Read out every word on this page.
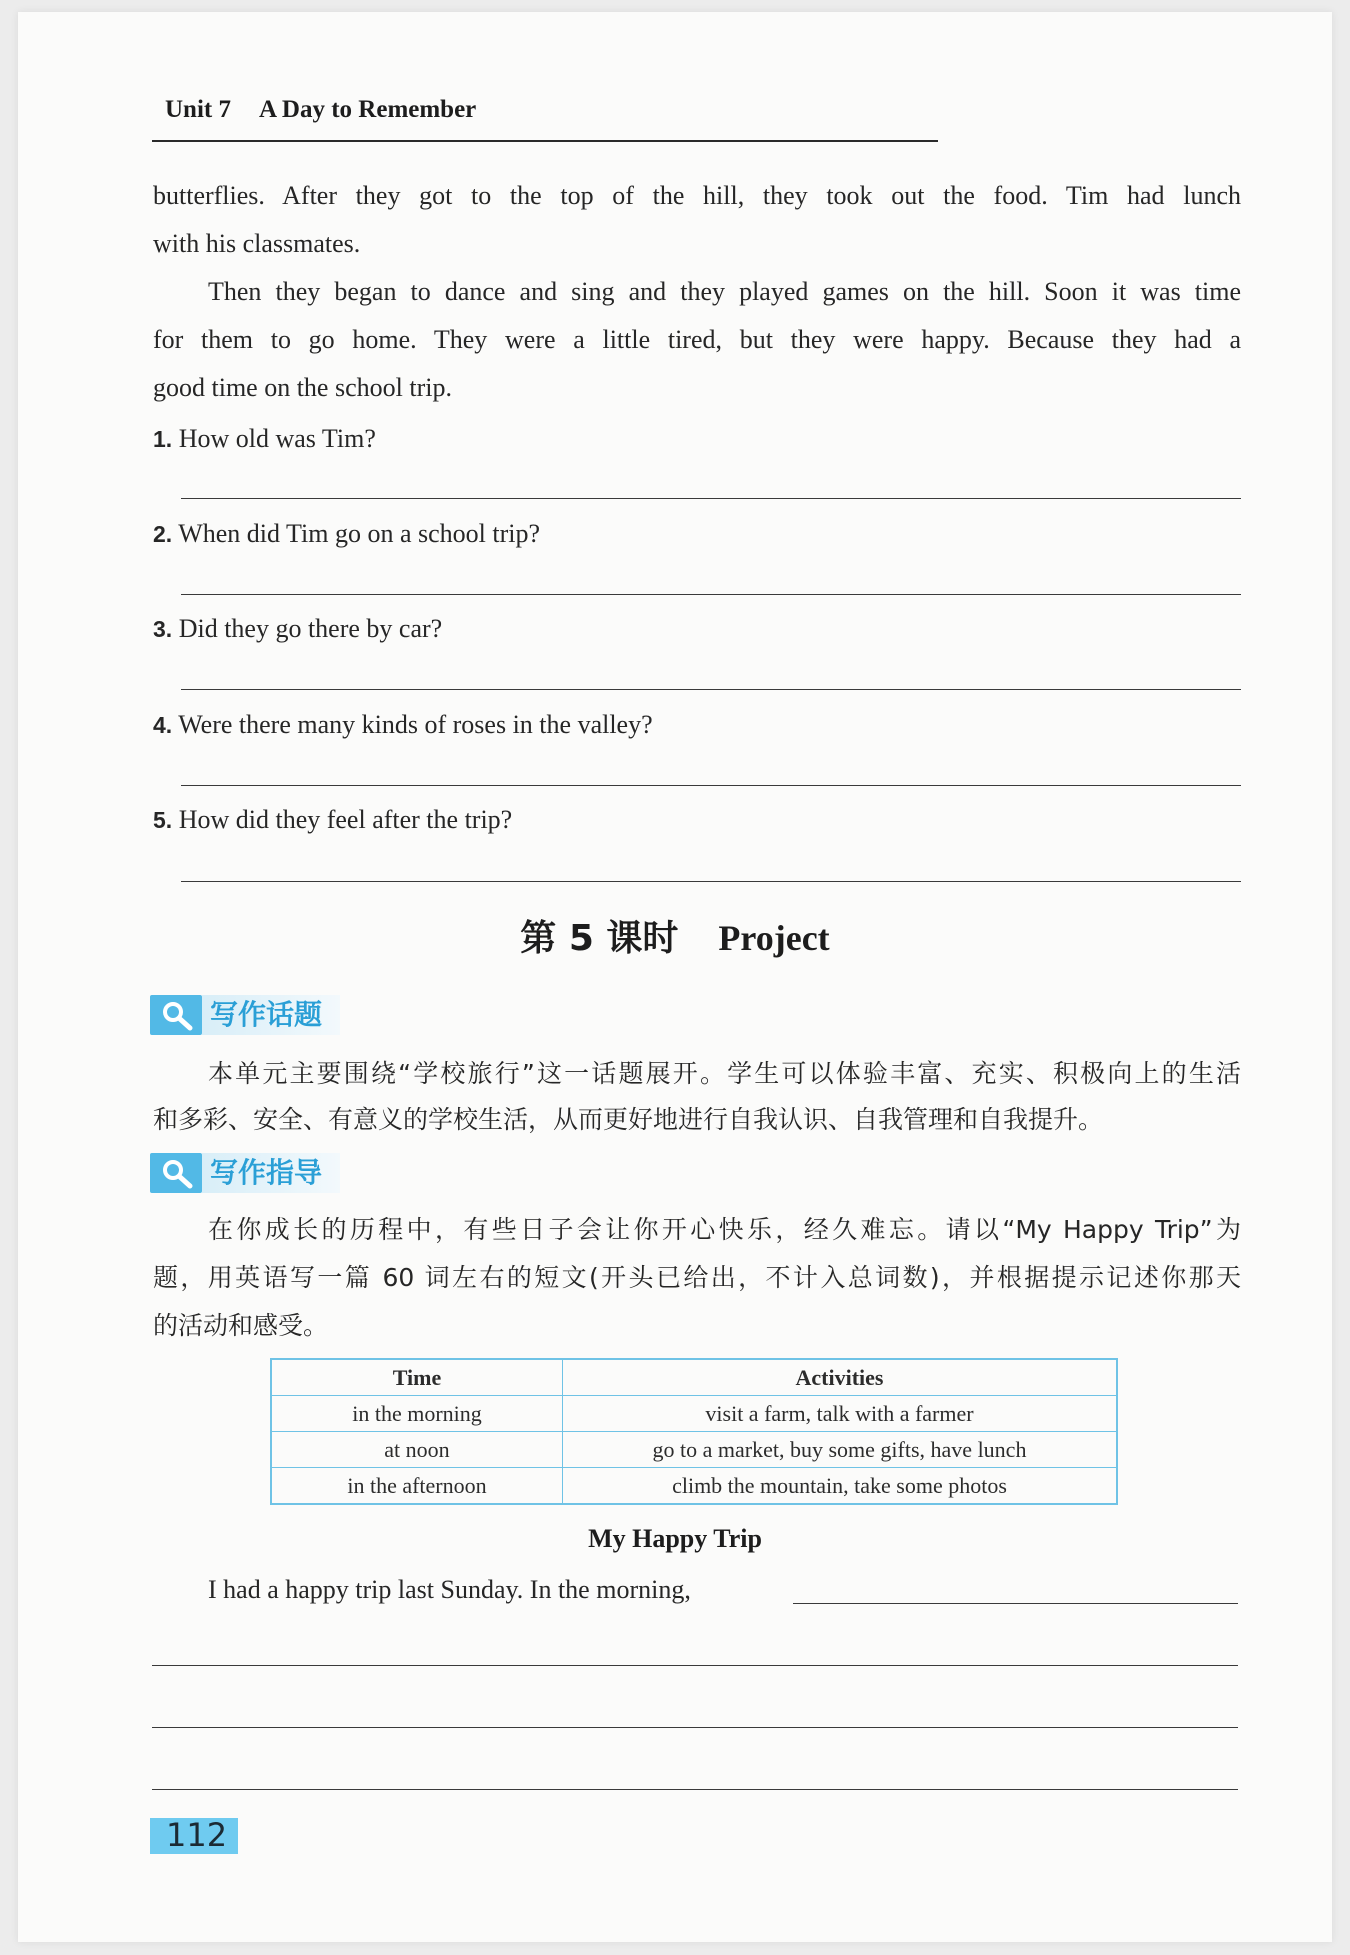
Unit 7 A Day to Remember
butterflies. After they got to the top of the hill, they took out the food. Tim had lunch
with his classmates.
Then they began to dance and sing and they played games on the hill. Soon it was time
for them to go home. They were a little tired, but they were happy. Because they had a
good time on the school trip.
1. How old was Tim?
2. When did Tim go on a school trip?
3. Did they go there by car?
4. Were there many kinds of roses in the valley?
5. How did they feel after the trip?
第 5 课时 Project
写作话题
本单元主要围绕“学校旅行”这一话题展开。学生可以体验丰富、充实、积极向上的生活
和多彩、安全、有意义的学校生活，从而更好地进行自我认识、自我管理和自我提升。
写作指导
在你成长的历程中，有些日子会让你开心快乐，经久难忘。请以“My Happy Trip”为
题，用英语写一篇 60 词左右的短文(开头已给出，不计入总词数)，并根据提示记述你那天
的活动和感受。
Time	Activities
in the morning	visit a farm, talk with a farmer
at noon	go to a market, buy some gifts, have lunch
in the afternoon	climb the mountain, take some photos
My Happy Trip
I had a happy trip last Sunday. In the morning,
112
